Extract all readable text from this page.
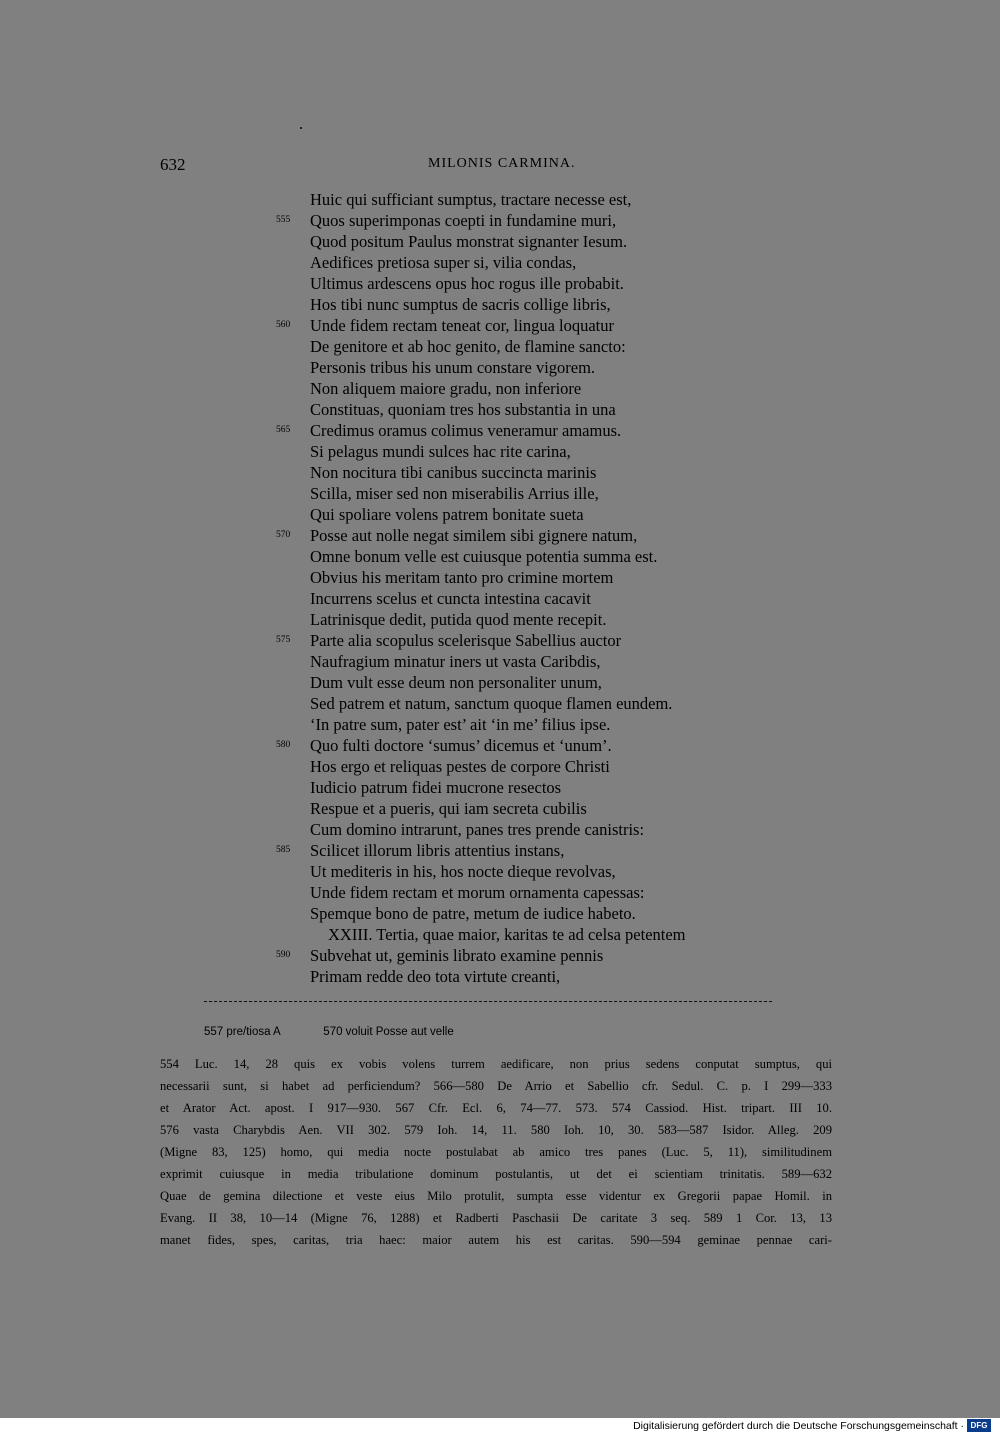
632	MILONIS CARMINA.
Huic qui sufficiant sumptus, tractare necesse est,
555 Quos superimponas coepti in fundamine muri,
Quod positum Paulus monstrat signanter Iesum.
Aedifices pretiosa super si, vilia condas,
Ultimus ardescens opus hoc rogus ille probabit.
Hos tibi nunc sumptus de sacris collige libris,
560 Unde fidem rectam teneat cor, lingua loquatur
De genitore et ab hoc genito, de flamine sancto:
Personis tribus his unum constare vigorem.
Non aliquem maiore gradu, non inferiore
Constituas, quoniam tres hos substantia in una
565 Credimus oramus colimus veneramur amamus.
Si pelagus mundi sulces hac rite carina,
Non nocitura tibi canibus succincta marinis
Scilla, miser sed non miserabilis Arrius ille,
Qui spoliare volens patrem bonitate sueta
570 Posse aut nolle negat similem sibi gignere natum,
Omne bonum velle est cuiusque potentia summa est.
Obvius his meritam tanto pro crimine mortem
Incurrens scelus et cuncta intestina cacavit
Latrinisque dedit, putida quod mente recepit.
575 Parte alia scopulus scelerisque Sabellius auctor
Naufragium minatur iners ut vasta Caribdis,
Dum vult esse deum non personaliter unum,
Sed patrem et natum, sanctum quoque flamen eundem.
‘In patre sum, pater est’ ait ‘in me’ filius ipse.
580 Quo fulti doctore ‘sumus’ dicemus et ‘unum’.
Hos ergo et reliquas pestes de corpore Christi
Iudicio patrum fidei mucrone resectos
Respue et a pueris, qui iam secreta cubilis
Cum domino intrarunt, panes tres prende canistris:
585 Scilicet illorum libris attentius instans,
Ut mediteris in his, hos nocte dieque revolvas,
Unde fidem rectam et morum ornamenta capessas:
Spemque bono de patre, metum de iudice habeto.
XXIII. Tertia, quae maior, karitas te ad celsa petentem
590 Subvehat ut, geminis librato examine pennis
Primam redde deo tota virtute creanti,
557 pre/tiosa A	570 voluit Posse aut velle
554 Luc. 14, 28 quis ex vobis volens turrem aedificare, non prius sedens conputat sumptus, qui
necessarii sunt, si habet ad perficiendum? 566—580 De Arrio et Sabellio cfr. Sedul. C. p. I 299—333
et Arator Act. apost. I 917—930. 567 Cfr. Ecl. 6, 74—77. 573. 574 Cassiod. Hist. tripart. III 10.
576 vasta Charybdis Aen. VII 302. 579 Ioh. 14, 11. 580 Ioh. 10, 30. 583—587 Isidor. Alleg. 209
(Migne 83, 125) homo, qui media nocte postulabat ab amico tres panes (Luc. 5, 11), similitudinem
exprimit cuiusque in media tribulatione dominum postulantis, ut det ei scientiam trinitatis. 589—632
Quae de gemina dilectione et veste eius Milo protulit, sumpta esse videntur ex Gregorii papae Homil. in
Evang. II 38, 10—14 (Migne 76, 1288) et Radberti Paschasii De caritate 3 seq. 589 1 Cor. 13, 13
manet fides, spes, caritas, tria haec: maior autem his est caritas. 590—594 geminae pennae cari-
Digitalisierung gefördert durch die Deutsche Forschungsgemeinschaft · DFG
